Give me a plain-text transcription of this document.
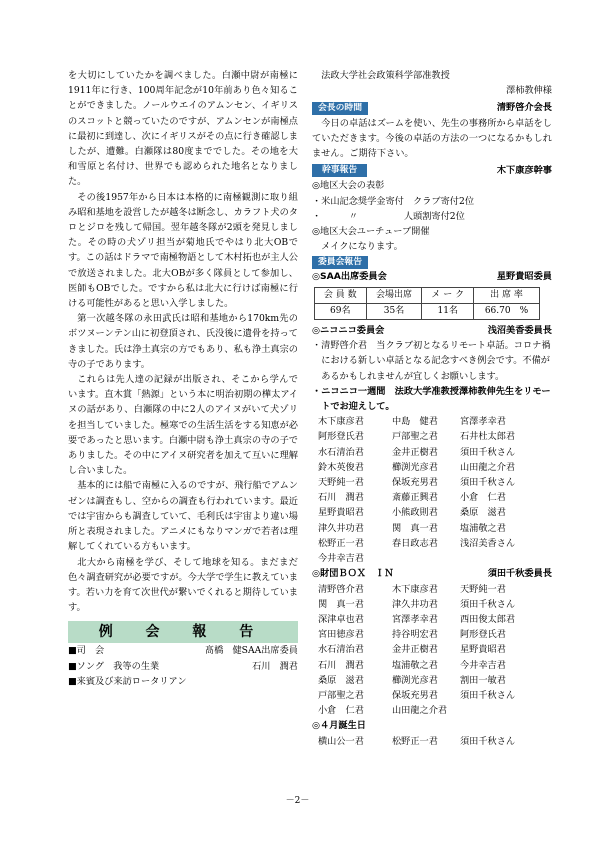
を大切にしていたかを調べました。白瀬中尉が南極に1911年に行き、100周年記念が10年前あり色々知ることができました。ノールウエイのアムンセン、イギリスのスコットと競っていたのですが、アムンセンが南極点に最初に到達し、次にイギリスがその点に行き確認しましたが、遭難。白瀬隊は80度まででした。その地を大和雪原と名付け、世界でも認められた地名となりました。

その後1957年から日本は本格的に南極観測に取り組み昭和基地を設営したが越冬は断念し、カラフト犬のタロとジロを残して帰国。翌年越冬隊が2頭を発見しました。その時の犬ゾリ担当が菊地氏でやはり北大OBです。この話はドラマで南極物語として木村拓也が主人公で放送されました。北大OBが多く隊員として参加し、医師もOBでした。ですから私は北大に行けば南極に行ける可能性があると思い入学しました。

第一次越冬隊の永田武氏は昭和基地から170km先のボツヌーンテン山に初登頂され、氏没後に遺骨を持ってきました。氏は浄土真宗の方でもあり、私も浄土真宗の寺の子であります。

これらは先人達の記録が出版され、そこから学んでいます。直木賞「熱源」という本に明治初期の樺太アイヌの話があり、白瀬隊の中に2人のアイヌがいて犬ゾリを担当していました。極寒での生活生活をする知恵が必要であったと思います。白瀬中尉も浄土真宗の寺の子でありました。その中にアイヌ研究者を加えて互いに理解し合いました。

基本的には船で南極に入るのですが、飛行船でアムンゼンは調査もし、空からの調査も行われています。最近では宇宙からも調査していて、毛利氏は宇宙より違い場所と表現されました。アニメにもなりマンガで若者は理解してくれている方もいます。

北大から南極を学び、そして地球を知る。まだまだ色々調査研究が必要ですが。今大学で学生に教えています。若い力を育て次世代が繋いでくれると期待しています。

例 会 報 告
■司　会	髙橋　健SAA出席委員
■ソング　我等の生業	石川　潤君
■来賓及び来訪ロータリアン
法政大学社会政策科学部准教授
澤柿教伸様
会長の時間	清野啓介会長

今日の卓話はズームを使い、先生の事務所から卓話をしていただきます。今後の卓話の方法の一つになるかもしれません。ご期待下さい。

幹事報告	木下康彦幹事
◎地区大会の表彰
・米山記念奨学金寄付　クラブ寄付2位
・　　　〃　　　　　人頭割寄付2位
◎地区大会ユーチューブ開催
　メイクになります。
委員会報告
◎SAA出席委員会	星野貴昭委員
会 員 数	会場出席	メ ー ク	出 席 率
69名	35名	11名	66.70　%
◎ニコニコ委員会	浅沼美香委員長
・清野啓介君　当クラブ初となるリモート卓話。コロナ禍における新しい卓話となる記念すべき例会です。不備があるかもしれませんが宜しくお願いします。
・ニコニコ一週間　法政大学准教授澤柿教伸先生をリモートでお迎えして。
木下康彦君	中島　健君	宮澤孝幸君
阿形登氏君	戸部聖之君	石井杜太郎君
水石清治君	金井正樹君	須田千秋さん
鈴木英俊君	櫛渕光彦君	山田龍之介君
天野純一君	保坂充男君	須田千秋さん
石川　潤君	斎藤正興君	小倉　仁君
星野貴昭君	小熊政則君	桑原　滋君
津久井功君	関　真一君	塩浦敬之君
松野正一君	春日政志君	浅沼美香さん
今井幸吉君
◎財団ＢＯＸ　ＩＮ	須田千秋委員長
清野啓介君	木下康彦君	天野純一君
関　真一君	津久井功君	須田千秋さん
深津卓也君	宮澤孝幸君	西田俊太郎君
宮田徳彦君	持谷明宏君	阿形登氏君
水石清治君	金井正樹君	星野貴昭君
石川　潤君	塩浦敬之君	今井幸吉君
桑原　滋君	櫛渕光彦君	割田一敏君
戸部聖之君	保坂充男君	須田千秋さん
小倉　仁君	山田龍之介君
◎４月誕生日
横山公一君	松野正一君	須田千秋さん
－2－
